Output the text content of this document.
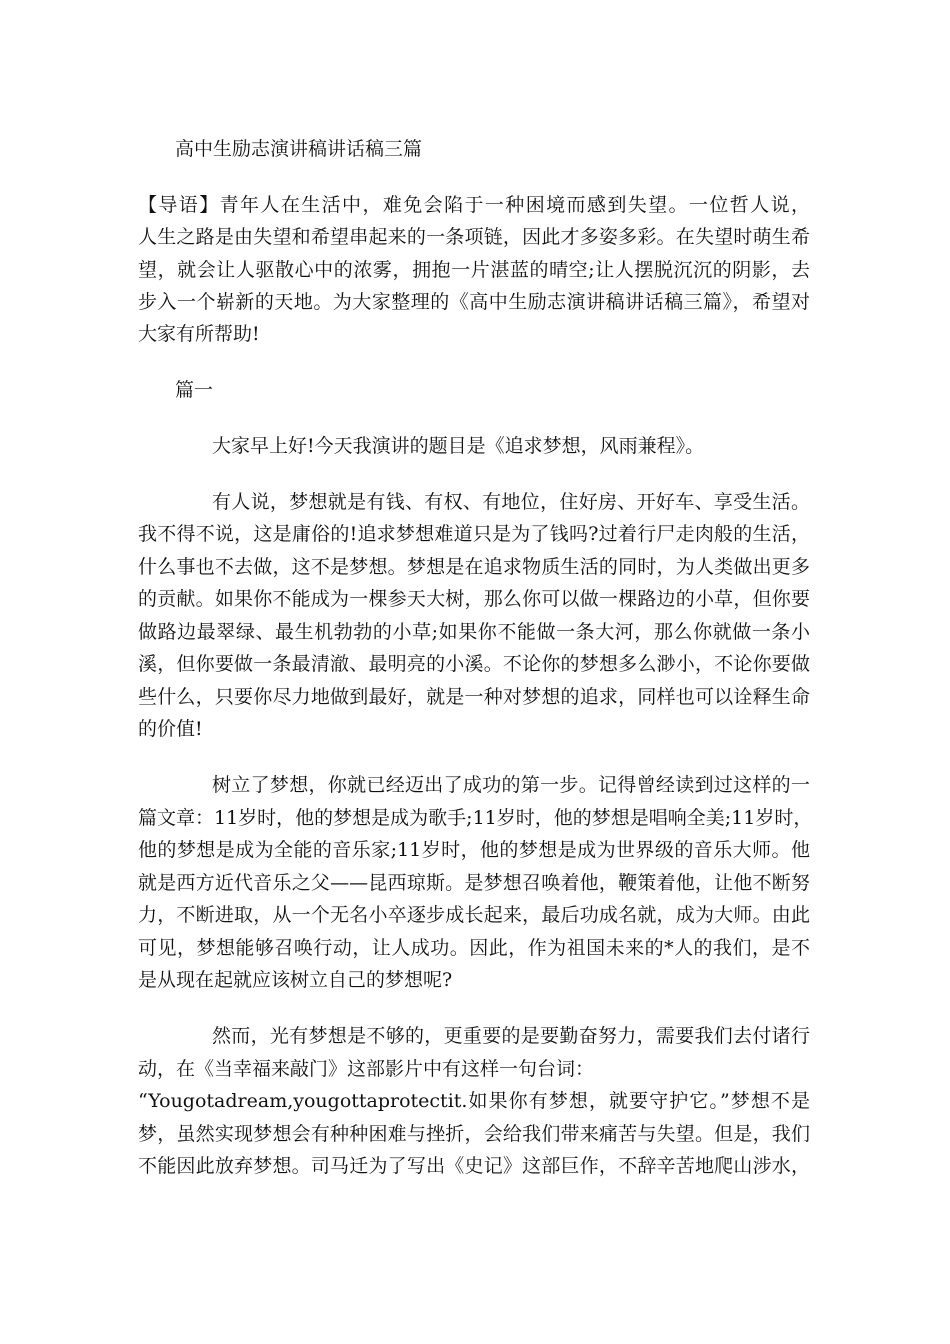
高中生励志演讲稿讲话稿三篇
【导语】青年人在生活中，难免会陷于一种困境而感到失望。一位哲人说，
人生之路是由失望和希望串起来的一条项链，因此才多姿多彩。在失望时萌生希
望，就会让人驱散心中的浓雾，拥抱一片湛蓝的晴空;让人摆脱沉沉的阴影，去
步入一个崭新的天地。为大家整理的《高中生励志演讲稿讲话稿三篇》，希望对
大家有所帮助!
篇一
大家早上好!今天我演讲的题目是《追求梦想，风雨兼程》。
有人说，梦想就是有钱、有权、有地位，住好房、开好车、享受生活。
我不得不说，这是庸俗的!追求梦想难道只是为了钱吗?过着行尸走肉般的生活，
什么事也不去做，这不是梦想。梦想是在追求物质生活的同时，为人类做出更多
的贡献。如果你不能成为一棵参天大树，那么你可以做一棵路边的小草，但你要
做路边最翠绿、最生机勃勃的小草;如果你不能做一条大河，那么你就做一条小
溪，但你要做一条最清澈、最明亮的小溪。不论你的梦想多么渺小，不论你要做
些什么，只要你尽力地做到最好，就是一种对梦想的追求，同样也可以诠释生命
的价值!
树立了梦想，你就已经迈出了成功的第一步。记得曾经读到过这样的一
篇文章：11岁时，他的梦想是成为歌手;11岁时，他的梦想是唱响全美;11岁时，
他的梦想是成为全能的音乐家;11岁时，他的梦想是成为世界级的音乐大师。他
就是西方近代音乐之父——昆西琼斯。是梦想召唤着他，鞭策着他，让他不断努
力，不断进取，从一个无名小卒逐步成长起来，最后功成名就，成为大师。由此
可见，梦想能够召唤行动，让人成功。因此，作为祖国未来的*人的我们，是不
是从现在起就应该树立自己的梦想呢?
然而，光有梦想是不够的，更重要的是要勤奋努力，需要我们去付诸行
动，在《当幸福来敲门》这部影片中有这样一句台词：
“Yougotadream,yougottaprotectit.如果你有梦想，就要守护它。”梦想不是
梦，虽然实现梦想会有种种困难与挫折，会给我们带来痛苦与失望。但是，我们
不能因此放弃梦想。司马迁为了写出《史记》这部巨作，不辞辛苦地爬山涉水，
